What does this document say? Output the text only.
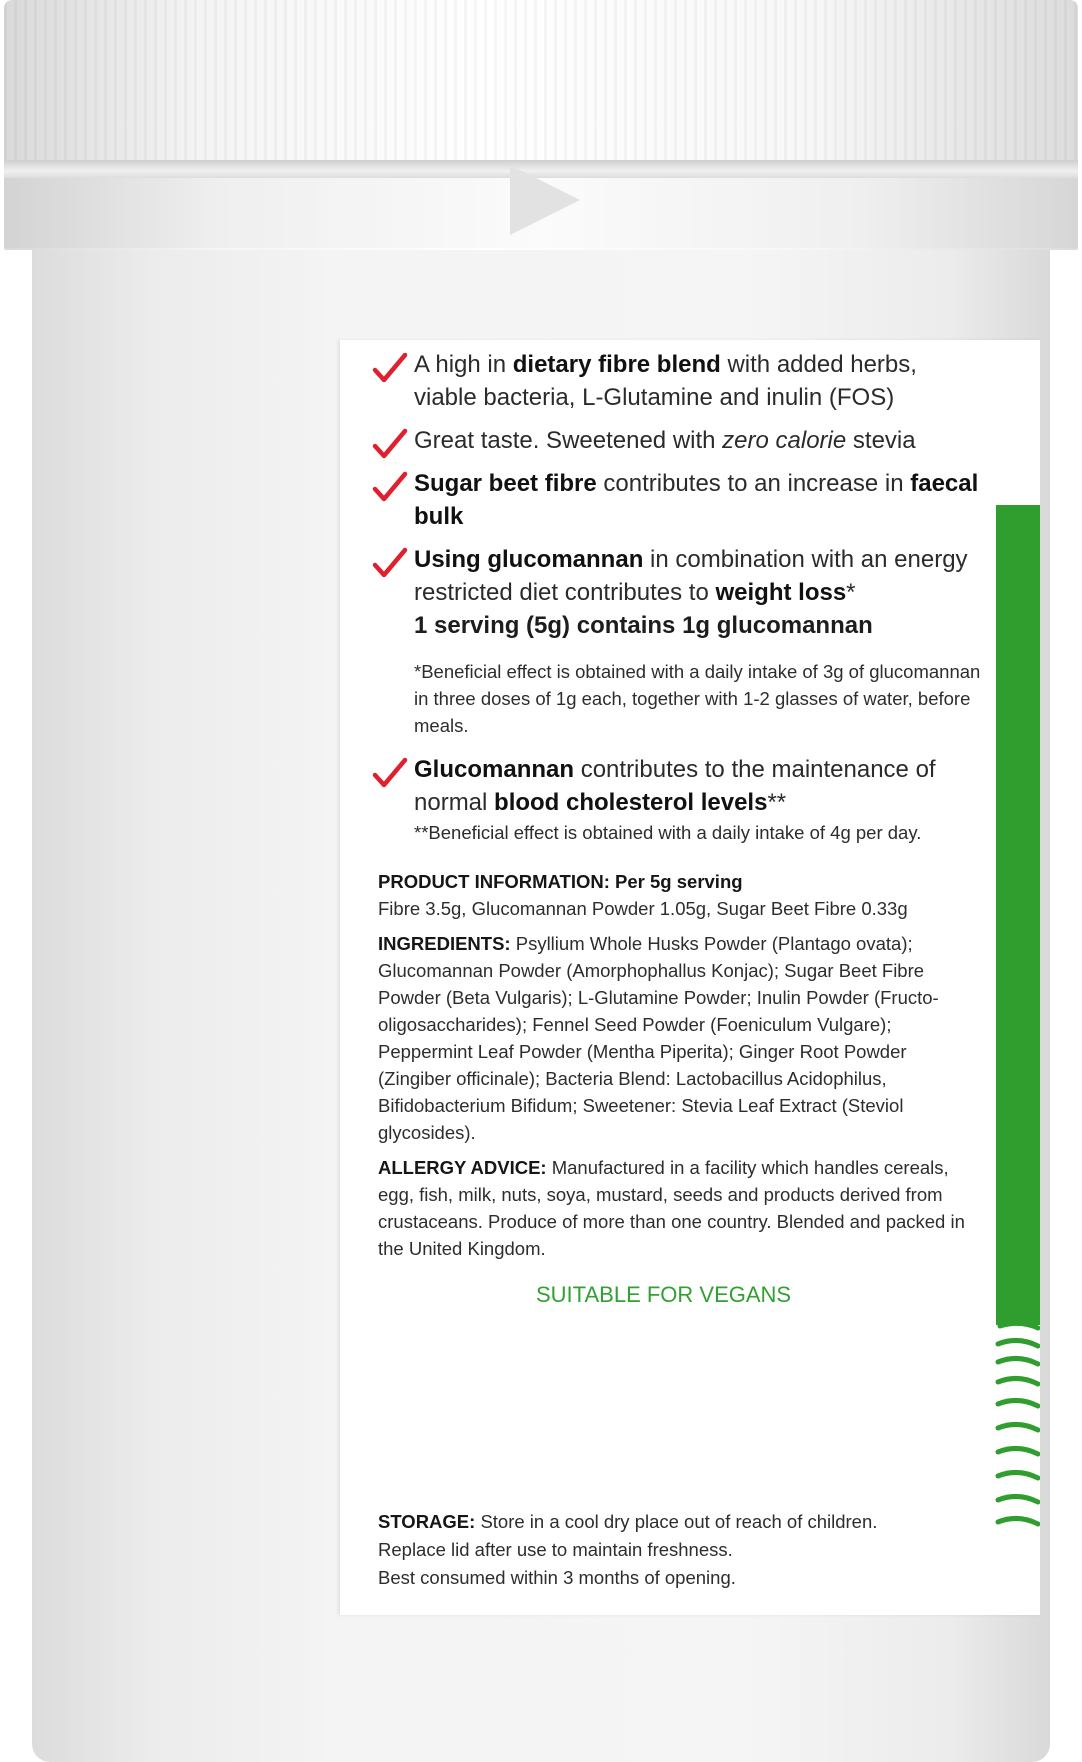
A high in dietary fibre blend with added herbs, viable bacteria, L-Glutamine and inulin (FOS)
Great taste. Sweetened with zero calorie stevia
Sugar beet fibre contributes to an increase in faecal bulk
Using glucomannan in combination with an energy restricted diet contributes to weight loss*
1 serving (5g) contains 1g glucomannan
*Beneficial effect is obtained with a daily intake of 3g of glucomannan in three doses of 1g each, together with 1-2 glasses of water, before meals.
Glucomannan contributes to the maintenance of normal blood cholesterol levels**
**Beneficial effect is obtained with a daily intake of 4g per day.

PRODUCT INFORMATION: Per 5g serving
Fibre 3.5g, Glucomannan Powder 1.05g, Sugar Beet Fibre 0.33g

INGREDIENTS: Psyllium Whole Husks Powder (Plantago ovata); Glucomannan Powder (Amorphophallus Konjac); Sugar Beet Fibre Powder (Beta Vulgaris); L-Glutamine Powder; Inulin Powder (Fructo-oligosaccharides); Fennel Seed Powder (Foeniculum Vulgare); Peppermint Leaf Powder (Mentha Piperita); Ginger Root Powder (Zingiber officinale); Bacteria Blend: Lactobacillus Acidophilus, Bifidobacterium Bifidum; Sweetener: Stevia Leaf Extract (Steviol glycosides).

ALLERGY ADVICE: Manufactured in a facility which handles cereals, egg, fish, milk, nuts, soya, mustard, seeds and products derived from crustaceans. Produce of more than one country. Blended and packed in the United Kingdom.

SUITABLE FOR VEGANS
STORAGE: Store in a cool dry place out of reach of children.
Replace lid after use to maintain freshness.
Best consumed within 3 months of opening.
